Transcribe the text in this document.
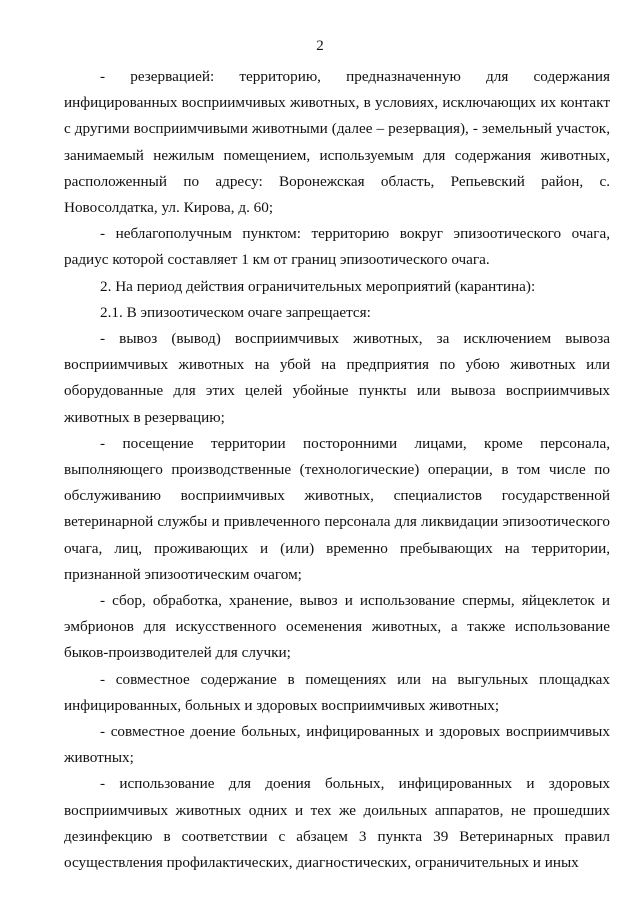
2

- резервацией: территорию, предназначенную для содержания инфицированных восприимчивых животных, в условиях, исключающих их контакт с другими восприимчивыми животными (далее – резервация), - земельный участок, занимаемый нежилым помещением, используемым для содержания животных, расположенный по адресу: Воронежская область, Репьевский район, с. Новосолдатка, ул. Кирова, д. 60;

- неблагополучным пунктом: территорию вокруг эпизоотического очага, радиус которой составляет 1 км от границ эпизоотического очага.

2. На период действия ограничительных мероприятий (карантина):

2.1. В эпизоотическом очаге запрещается:

- вывоз (вывод) восприимчивых животных, за исключением вывоза восприимчивых животных на убой на предприятия по убою животных или оборудованные для этих целей убойные пункты или вывоза восприимчивых животных в резервацию;

- посещение территории посторонними лицами, кроме персонала, выполняющего производственные (технологические) операции, в том числе по обслуживанию восприимчивых животных, специалистов государственной ветеринарной службы и привлеченного персонала для ликвидации эпизоотического очага, лиц, проживающих и (или) временно пребывающих на территории, признанной эпизоотическим очагом;

- сбор, обработка, хранение, вывоз и использование спермы, яйцеклеток и эмбрионов для искусственного осеменения животных, а также использование быков-производителей для случки;

- совместное содержание в помещениях или на выгульных площадках инфицированных, больных и здоровых восприимчивых животных;

- совместное доение больных, инфицированных и здоровых восприимчивых животных;

- использование для доения больных, инфицированных и здоровых восприимчивых животных одних и тех же доильных аппаратов, не прошедших дезинфекцию в соответствии с абзацем 3 пункта 39 Ветеринарных правил осуществления профилактических, диагностических, ограничительных и иных
